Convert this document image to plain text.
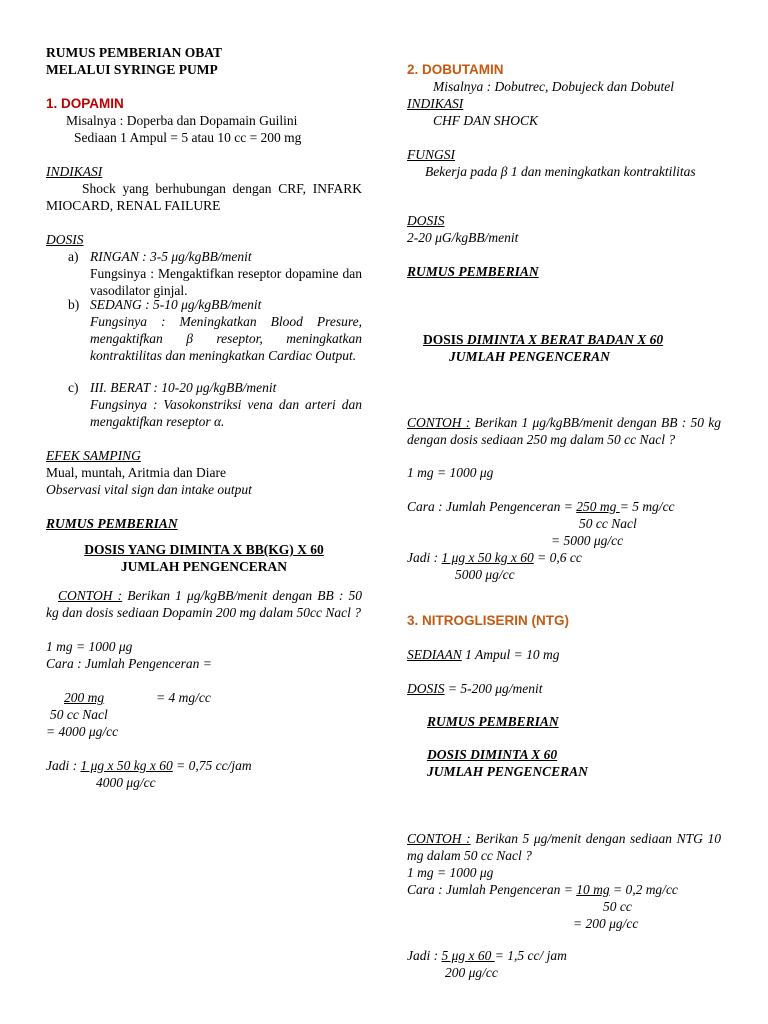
RUMUS PEMBERIAN OBAT
MELALUI SYRINGE PUMP
1. DOPAMIN
Misalnya : Doperba dan Dopamain Guilini
Sediaan 1 Ampul = 5 atau 10 cc = 200 mg
INDIKASI
Shock yang berhubungan dengan CRF, INFARK MIOCARD, RENAL FAILURE
DOSIS
a) RINGAN : 3-5 μg/kgBB/menit
Fungsinya : Mengaktifkan reseptor dopamine dan vasodilator ginjal.
b) SEDANG : 5-10 μg/kgBB/menit
Fungsinya : Meningkatkan Blood Presure, mengaktifkan β reseptor, meningkatkan kontraktilitas dan meningkatkan Cardiac Output.
c) III. BERAT : 10-20 μg/kgBB/menit
Fungsinya : Vasokonstriksi vena dan arteri dan mengaktifkan reseptor α.
EFEK SAMPING
Mual, muntah, Aritmia dan Diare
Observasi vital sign dan intake output
RUMUS PEMBERIAN
DOSIS YANG DIMINTA X BB(KG) X 60
JUMLAH PENGENCERAN
CONTOH : Berikan 1 μg/kgBB/menit dengan BB : 50 kg dan dosis sediaan Dopamin 200 mg dalam 50cc Nacl ?
1 mg = 1000 μg
Cara : Jumlah Pengenceran =
200 mg	= 4 mg/cc
50 cc Nacl
= 4000 μg/cc
Jadi : 1 μg x 50 kg x 60 = 0,75 cc/jam
4000 μg/cc
2. DOBUTAMIN
Misalnya : Dobutrec, Dobujeck dan Dobutel
INDIKASI
CHF DAN SHOCK
FUNGSI
Bekerja pada β 1 dan meningkatkan kontraktilitas
DOSIS
2-20 μG/kgBB/menit
RUMUS PEMBERIAN
DOSIS DIMINTA X BERAT BADAN X 60
JUMLAH PENGENCERAN
CONTOH : Berikan 1 μg/kgBB/menit dengan BB : 50 kg dengan dosis sediaan 250 mg dalam 50 cc Nacl ?
1 mg = 1000 μg
Cara : Jumlah Pengenceran = 250 mg = 5 mg/cc
50 cc Nacl
= 5000 μg/cc
Jadi : 1 μg x 50 kg x 60 = 0,6 cc
5000 μg/cc
3. NITROGLISERIN (NTG)
SEDIAAN 1 Ampul = 10 mg
DOSIS = 5-200 μg/menit
RUMUS PEMBERIAN
DOSIS DIMINTA X 60
JUMLAH PENGENCERAN
CONTOH : Berikan 5 μg/menit dengan sediaan NTG 10 mg dalam 50 cc Nacl ?
1 mg = 1000 μg
Cara : Jumlah Pengenceran = 10 mg = 0,2 mg/cc
50 cc
= 200 μg/cc
Jadi : 5 μg x 60 = 1,5 cc/ jam
200 μg/cc
